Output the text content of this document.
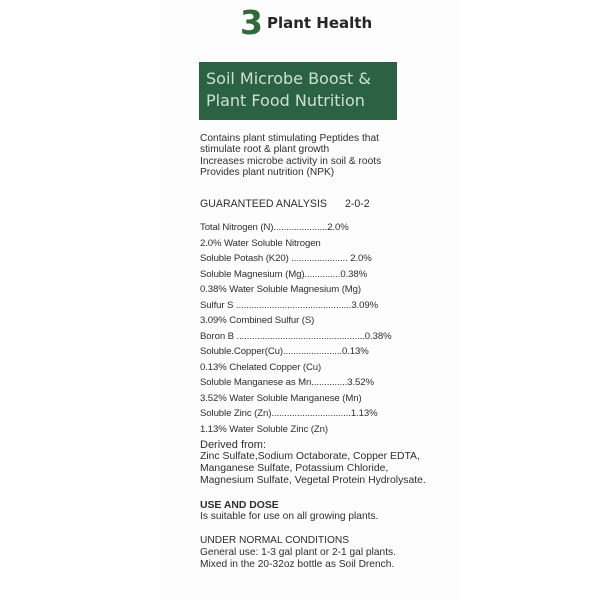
3 Plant Health
Soil Microbe Boost &
Plant Food Nutrition
Contains plant stimulating Peptides that
stimulate root & plant growth
Increases microbe activity in soil & roots
Provides plant nutrition (NPK)
GUARANTEED ANALYSIS 2-0-2
Total Nitrogen (N).....................2.0%
2.0% Water Soluble Nitrogen
Soluble Potash (K20) ...................... 2.0%
Soluble Magnesium (Mg)..............0.38%
0.38% Water Soluble Magnesium (Mg)
Sulfur S .............................................3.09%
3.09% Combined Sulfur (S)
Boron B ..................................................0.38%
Soluble.Copper(Cu).......................0.13%
0.13% Chelated Copper (Cu)
Soluble Manganese as Mn..............3.52%
3.52% Water Soluble Manganese (Mn)
Soluble Zinc (Zn)...............................1.13%
1.13% Water Soluble Zinc (Zn)
Derived from:
Zinc Sulfate,Sodium Octaborate, Copper EDTA,
Manganese Sulfate, Potassium Chloride,
Magnesium Sulfate, Vegetal Protein Hydrolysate.
USE AND DOSE
Is suitable for use on all growing plants.
UNDER NORMAL CONDITIONS
General use: 1-3 gal plant or 2-1 gal plants.
Mixed in the 20-32oz bottle as Soil Drench.
